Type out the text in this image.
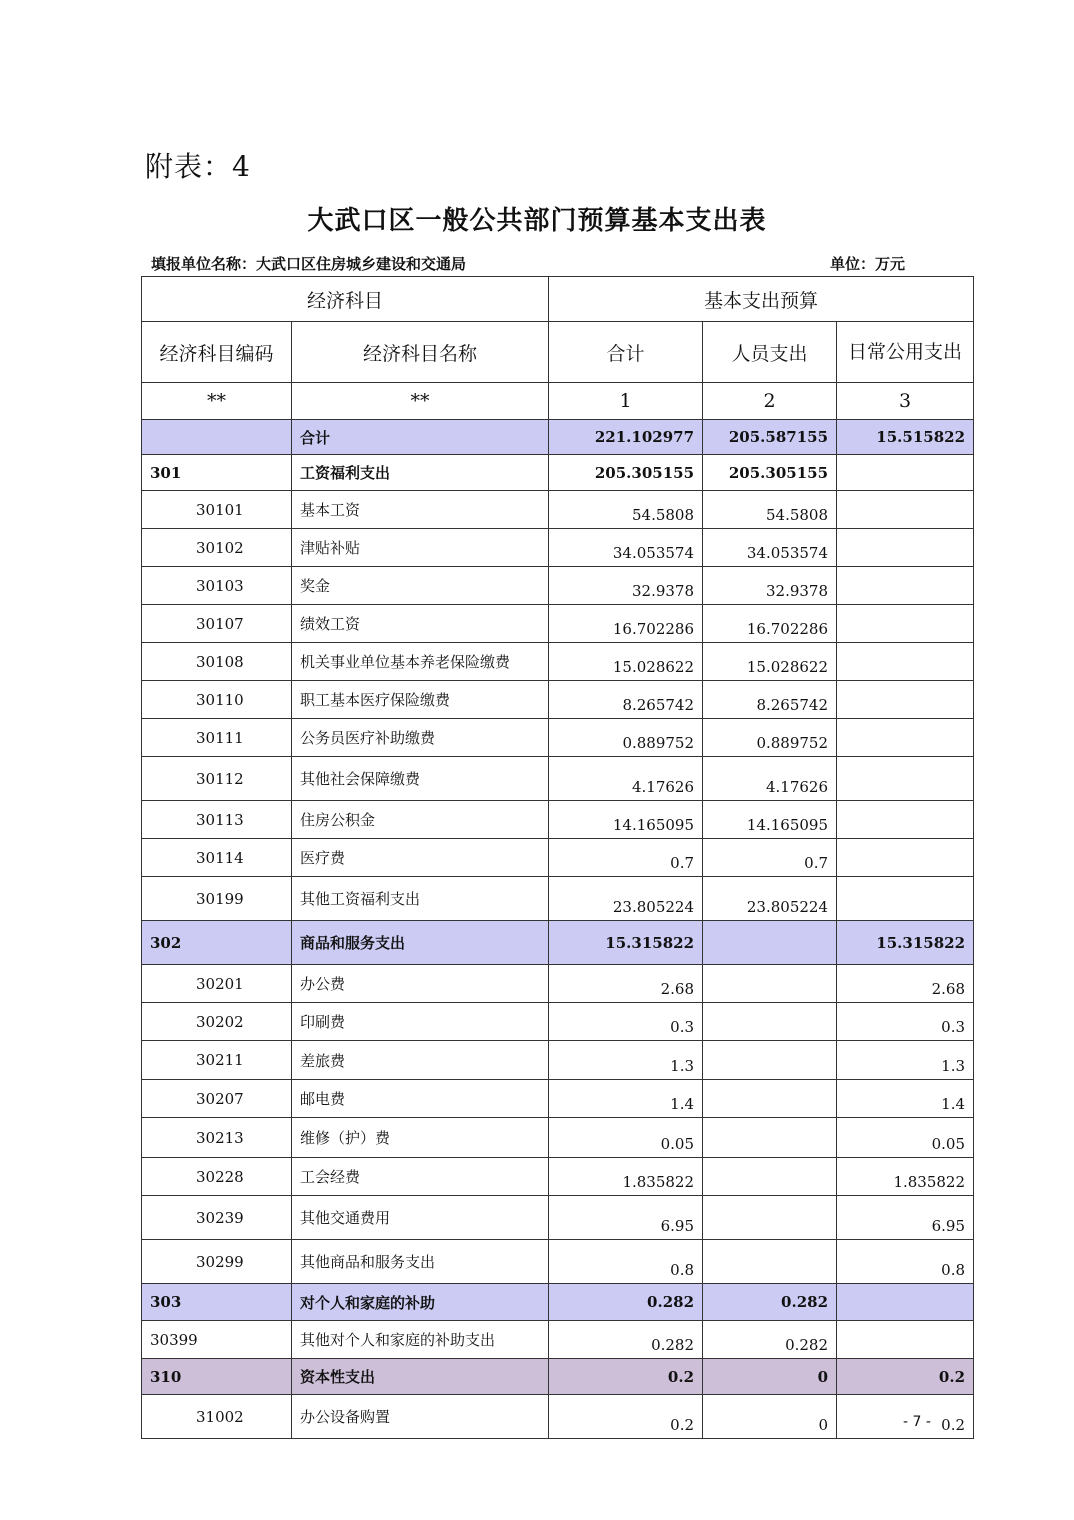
附表：4
大武口区一般公共部门预算基本支出表
填报单位名称：大武口区住房城乡建设和交通局	单位：万元
经济科目		基本支出预算		
经济科目编码	经济科目名称	合计	人员支出	日常公用支出
**	**	1	2	3
	合计	221.102977	205.587155	15.515822
301	工资福利支出	205.305155	205.305155	
30101	基本工资	54.5808	54.5808	
30102	津贴补贴	34.053574	34.053574	
30103	奖金	32.9378	32.9378	
30107	绩效工资	16.702286	16.702286	
30108	机关事业单位基本养老保险缴费	15.028622	15.028622	
30110	职工基本医疗保险缴费	8.265742	8.265742	
30111	公务员医疗补助缴费	0.889752	0.889752	
30112	其他社会保障缴费	4.17626	4.17626	
30113	住房公积金	14.165095	14.165095	
30114	医疗费	0.7	0.7	
30199	其他工资福利支出	23.805224	23.805224	
302	商品和服务支出	15.315822		15.315822
30201	办公费	2.68		2.68
30202	印刷费	0.3		0.3
30211	差旅费	1.3		1.3
30207	邮电费	1.4		1.4
30213	维修（护）费	0.05		0.05
30228	工会经费	1.835822		1.835822
30239	其他交通费用	6.95		6.95
30299	其他商品和服务支出	0.8		0.8
303	对个人和家庭的补助	0.282	0.282	
30399	其他对个人和家庭的补助支出	0.282	0.282	
310	资本性支出	0.2	0	0.2
31002	办公设备购置	0.2	0	0.2
- 7 -
